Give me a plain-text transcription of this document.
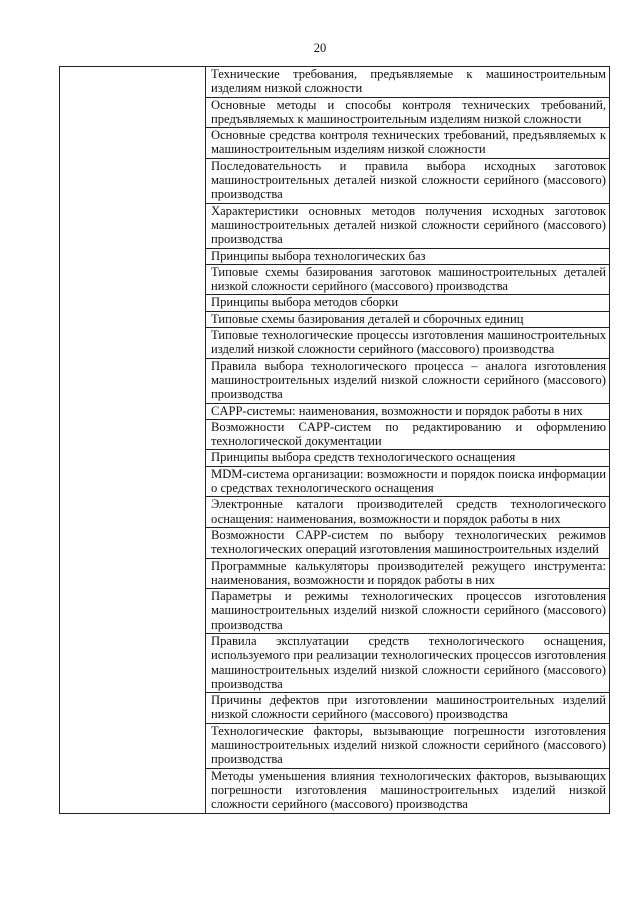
20

Технические требования, предъявляемые к машиностроительным изделиям низкой сложности
Основные методы и способы контроля технических требований, предъявляемых к машиностроительным изделиям низкой сложности
Основные средства контроля технических требований, предъявляемых к машиностроительным изделиям низкой сложности
Последовательность и правила выбора исходных заготовок машиностроительных деталей низкой сложности серийного (массового) производства
Характеристики основных методов получения исходных заготовок машиностроительных деталей низкой сложности серийного (массового) производства
Принципы выбора технологических баз
Типовые схемы базирования заготовок машиностроительных деталей низкой сложности серийного (массового) производства
Принципы выбора методов сборки
Типовые схемы базирования деталей и сборочных единиц
Типовые технологические процессы изготовления машиностроительных изделий низкой сложности серийного (массового) производства
Правила выбора технологического процесса – аналога изготовления машиностроительных изделий низкой сложности серийного (массового) производства
CAPP-системы: наименования, возможности и порядок работы в них
Возможности CAPP-систем по редактированию и оформлению технологической документации
Принципы выбора средств технологического оснащения
MDM-система организации: возможности и порядок поиска информации о средствах технологического оснащения
Электронные каталоги производителей средств технологического оснащения: наименования, возможности и порядок работы в них
Возможности CAPP-систем по выбору технологических режимов технологических операций изготовления машиностроительных изделий
Программные калькуляторы производителей режущего инструмента: наименования, возможности и порядок работы в них
Параметры и режимы технологических процессов изготовления машиностроительных изделий низкой сложности серийного (массового) производства
Правила эксплуатации средств технологического оснащения, используемого при реализации технологических процессов изготовления машиностроительных изделий низкой сложности серийного (массового) производства
Причины дефектов при изготовлении машиностроительных изделий низкой сложности серийного (массового) производства
Технологические факторы, вызывающие погрешности изготовления машиностроительных изделий низкой сложности серийного (массового) производства
Методы уменьшения влияния технологических факторов, вызывающих погрешности изготовления машиностроительных изделий низкой сложности серийного (массового) производства
